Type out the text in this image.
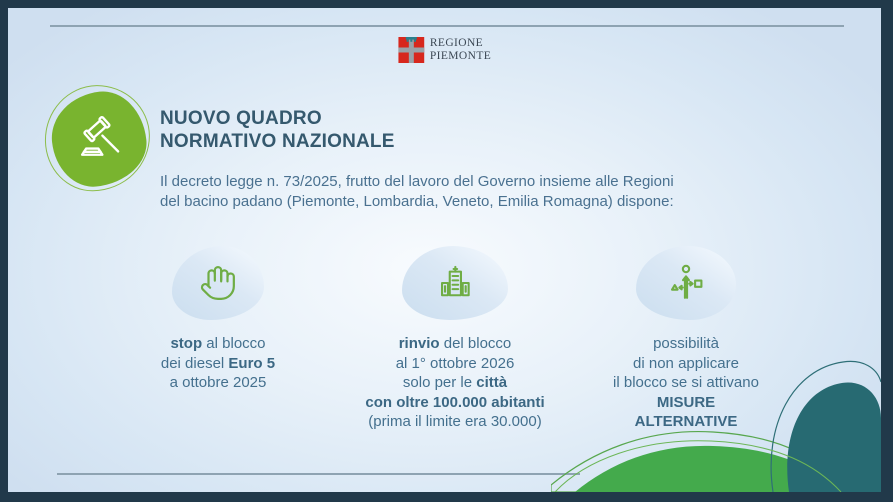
REGIONE
PIEMONTE
NUOVO QUADRO
NORMATIVO NAZIONALE

Il decreto legge n. 73/2025, frutto del lavoro del Governo insieme alle Regioni
del bacino padano (Piemonte, Lombardia, Veneto, Emilia Romagna) dispone:

stop al blocco
dei diesel Euro 5
a ottobre 2025
rinvio del blocco
al 1° ottobre 2026
solo per le città
con oltre 100.000 abitanti
(prima il limite era 30.000)
possibilità
di non applicare
il blocco se si attivano
MISURE
ALTERNATIVE
